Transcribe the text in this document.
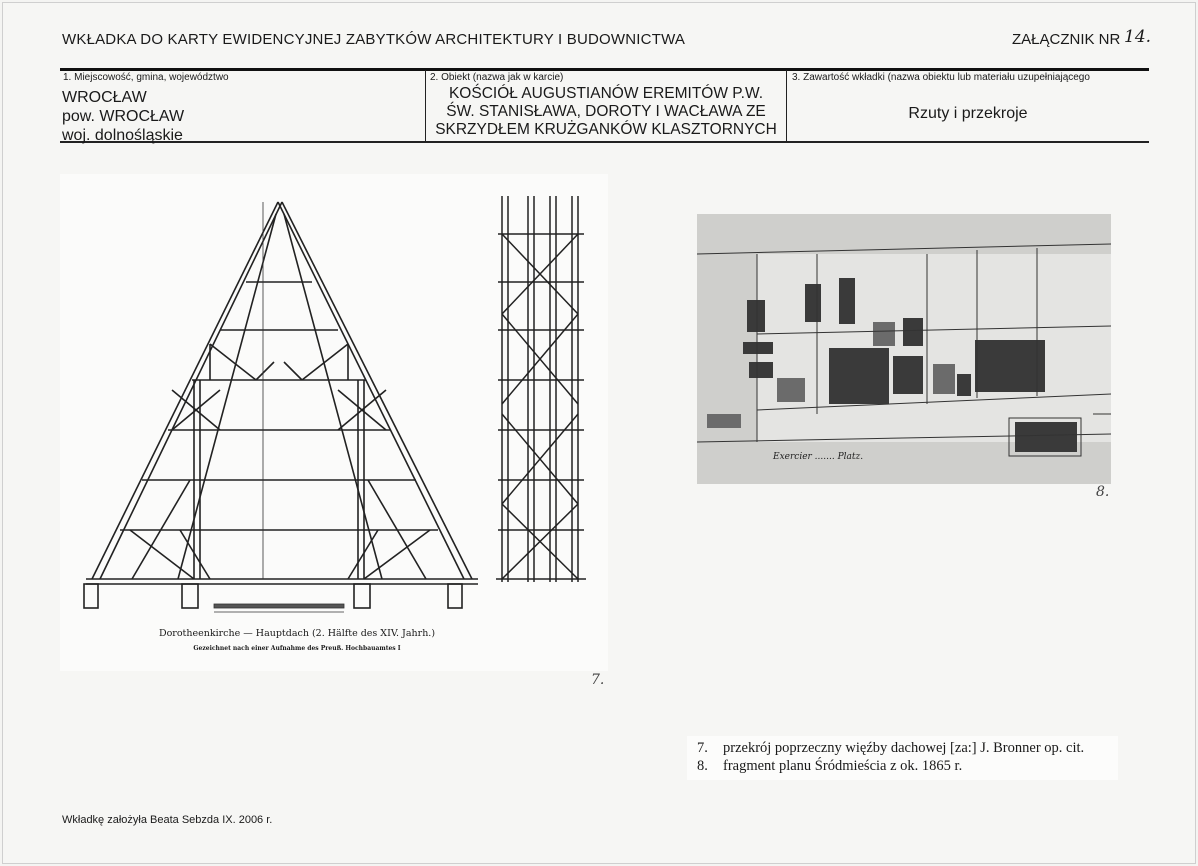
WKŁADKA DO KARTY EWIDENCYJNEJ ZABYTKÓW ARCHITEKTURY I BUDOWNICTWA	ZAŁĄCZNIK NR 14.
1. Miejscowość, gmina, województwo
WROCŁAW
pow. WROCŁAW
woj. dolnośląskie
2. Obiekt (nazwa jak w karcie)
KOŚCIÓŁ AUGUSTIANÓW EREMITÓW P.W.
ŚW. STANISŁAWA, DOROTY I WACŁAWA ZE
SKRZYDŁEM KRUŻGANKÓW KLASZTORNYCH
3. Zawartość wkładki (nazwa obiektu lub materiału uzupełniającego
Rzuty i przekroje
Dorotheenkirche — Hauptdach (2. Hälfte des XIV. Jahrh.)
Gezeichnet nach einer Aufnahme des Preuß. Hochbauamtes I
7.
Exercier ....... Platz.
8.
7. przekrój poprzeczny więźby dachowej [za:] J. Bronner op. cit.
8. fragment planu Śródmieścia z ok. 1865 r.
Wkładkę założyła Beata Sebzda IX. 2006 r.
